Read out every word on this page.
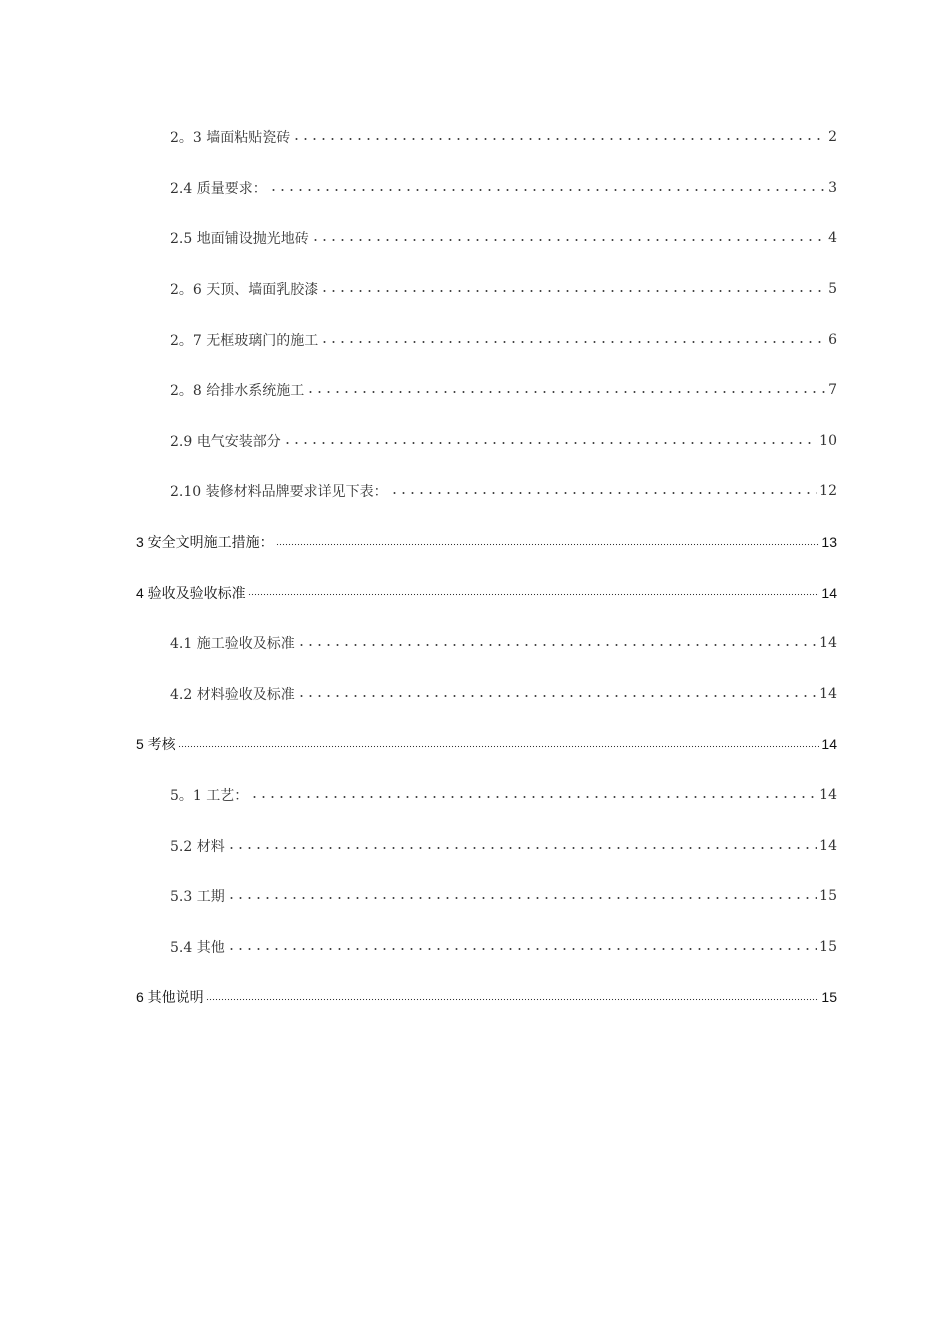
2。3 墙面粘贴瓷砖	2
2.4 质量要求：	3
2.5 地面铺设抛光地砖	4
2。6 天顶、墙面乳胶漆	5
2。7 无框玻璃门的施工	6
2。8 给排水系统施工	7
2.9 电气安装部分	10
2.10 装修材料品牌要求详见下表：	12
3 安全文明施工措施：	13
4 验收及验收标准	14
4.1 施工验收及标准	14
4.2 材料验收及标准	14
5 考核	14
5。1 工艺：	14
5.2 材料	14
5.3 工期	15
5.4 其他	15
6 其他说明	15
